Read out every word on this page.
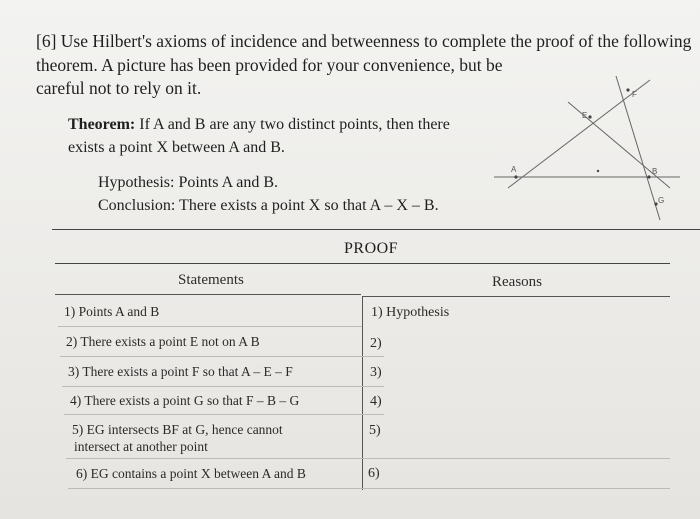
[6] Use Hilbert's axioms of incidence and betweenness to complete the proof of the following
theorem. A picture has been provided for your convenience, but be
careful not to rely on it.
Theorem: If A and B are any two distinct points, then there
exists a point X between A and B.
Hypothesis: Points A and B.
Conclusion: There exists a point X so that A – X – B.
A
E
F
B
G
PROOF
Statements	Reasons
1) Points A and B
2) There exists a point E not on A B
3) There exists a point F so that A – E – F
4) There exists a point G so that F – B – G
5) EG intersects BF at G, hence cannot
intersect at another point
6) EG contains a point X between A and B
1) Hypothesis
2)
3)
4)
5)
6)
